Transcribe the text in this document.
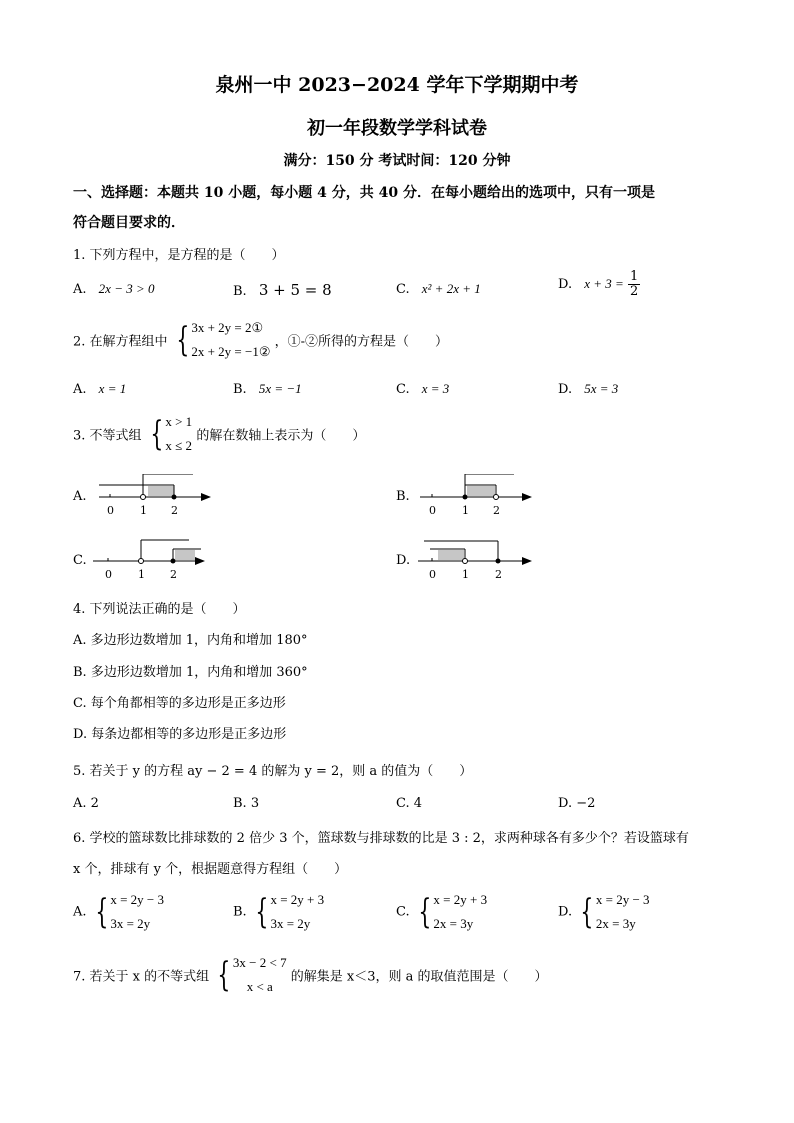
泉州一中 2023−2024 学年下学期期中考
初一年段数学学科试卷
满分：150 分 考试时间：120 分钟
一、选择题：本题共 10 小题，每小题 4 分，共 40 分．在每小题给出的选项中，只有一项是
符合题目要求的．
1. 下列方程中，是方程的是（　　）
A. 2x − 3 > 0	B. 3 + 5 = 8	C. x² + 2x + 1	D. $x + 3 = \frac{1}{2}$
2. 在解方程组中 { 3x + 2y = 2①
2x + 2y = −1②
，①-②所得的方程是（　　）
A. x = 1	B. 5x = −1	C. x = 3	D. 5x = 3
3. 不等式组 { x > 1
x ≤ 2
的解在数轴上表示为（　　）
A.
0 1 2
B.
0 1 2
C.
0 1 2
D.
0 1 2
4. 下列说法正确的是（　　）
A. 多边形边数增加 1，内角和增加 180°
B. 多边形边数增加 1，内角和增加 360°
C. 每个角都相等的多边形是正多边形
D. 每条边都相等的多边形是正多边形
5. 若关于 y 的方程 ay − 2 = 4 的解为 y = 2，则 a 的值为（　　）
A. 2	B. 3	C. 4	D. −2
6. 学校的篮球数比排球数的 2 倍少 3 个，篮球数与排球数的比是 3 : 2，求两种球各有多少个？若设篮球有
x 个，排球有 y 个，根据题意得方程组（　　）
A. { x = 2y − 3
3x = 2y
B. { x = 2y + 3
3x = 2y
C. { x = 2y + 3
2x = 3y
D. { x = 2y − 3
2x = 3y
7. 若关于 x 的不等式组 { 3x − 2 < 7
x < a
的解集是 x＜3，则 a 的取值范围是（　　）
